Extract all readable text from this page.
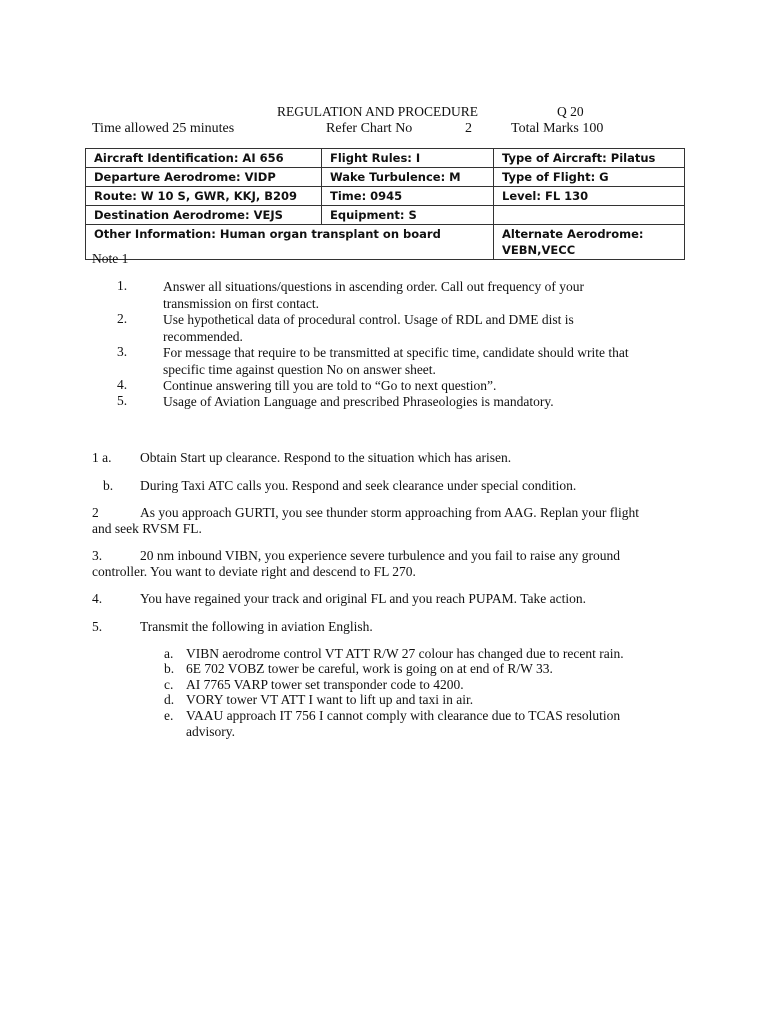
REGULATION AND PROCEDURE	Q 20
Time allowed 25 minutes	Refer Chart No	2	Total Marks 100
Aircraft Identification: AI 656	Flight Rules: I	Type of Aircraft: Pilatus
Departure Aerodrome: VIDP	Wake Turbulence: M	Type of Flight: G
Route: W 10 S, GWR, KKJ, B209	Time: 0945	Level: FL 130
Destination Aerodrome: VEJS	Equipment: S	
Other Information: Human organ transplant on board		Alternate Aerodrome: VEBN,VECC
Note 1
1.	Answer all situations/questions in ascending order. Call out frequency of your transmission on first contact.
2.	Use hypothetical data of procedural control. Usage of RDL and DME dist is recommended.
3.	For message that require to be transmitted at specific time, candidate should write that specific time against question No on answer sheet.
4.	Continue answering till you are told to “Go to next question”.
5.	Usage of Aviation Language and prescribed Phraseologies is mandatory.
1 a. Obtain Start up clearance. Respond to the situation which has arisen.
b. During Taxi ATC calls you. Respond and seek clearance under special condition.
2	As you approach GURTI, you see thunder storm approaching from AAG. Replan your flight
and seek RVSM FL.
3.	20 nm inbound VIBN, you experience severe turbulence and you fail to raise any ground
controller. You want to deviate right and descend to FL 270.
4.	You have regained your track and original FL and you reach PUPAM. Take action.
5.	Transmit the following in aviation English.
a. VIBN aerodrome control VT ATT R/W 27 colour has changed due to recent rain.
b. 6E 702 VOBZ tower be careful, work is going on at end of R/W 33.
c. AI 7765 VARP tower set transponder code to 4200.
d. VORY tower VT ATT I want to lift up and taxi in air.
e. VAAU approach IT 756 I cannot comply with clearance due to TCAS resolution advisory.
